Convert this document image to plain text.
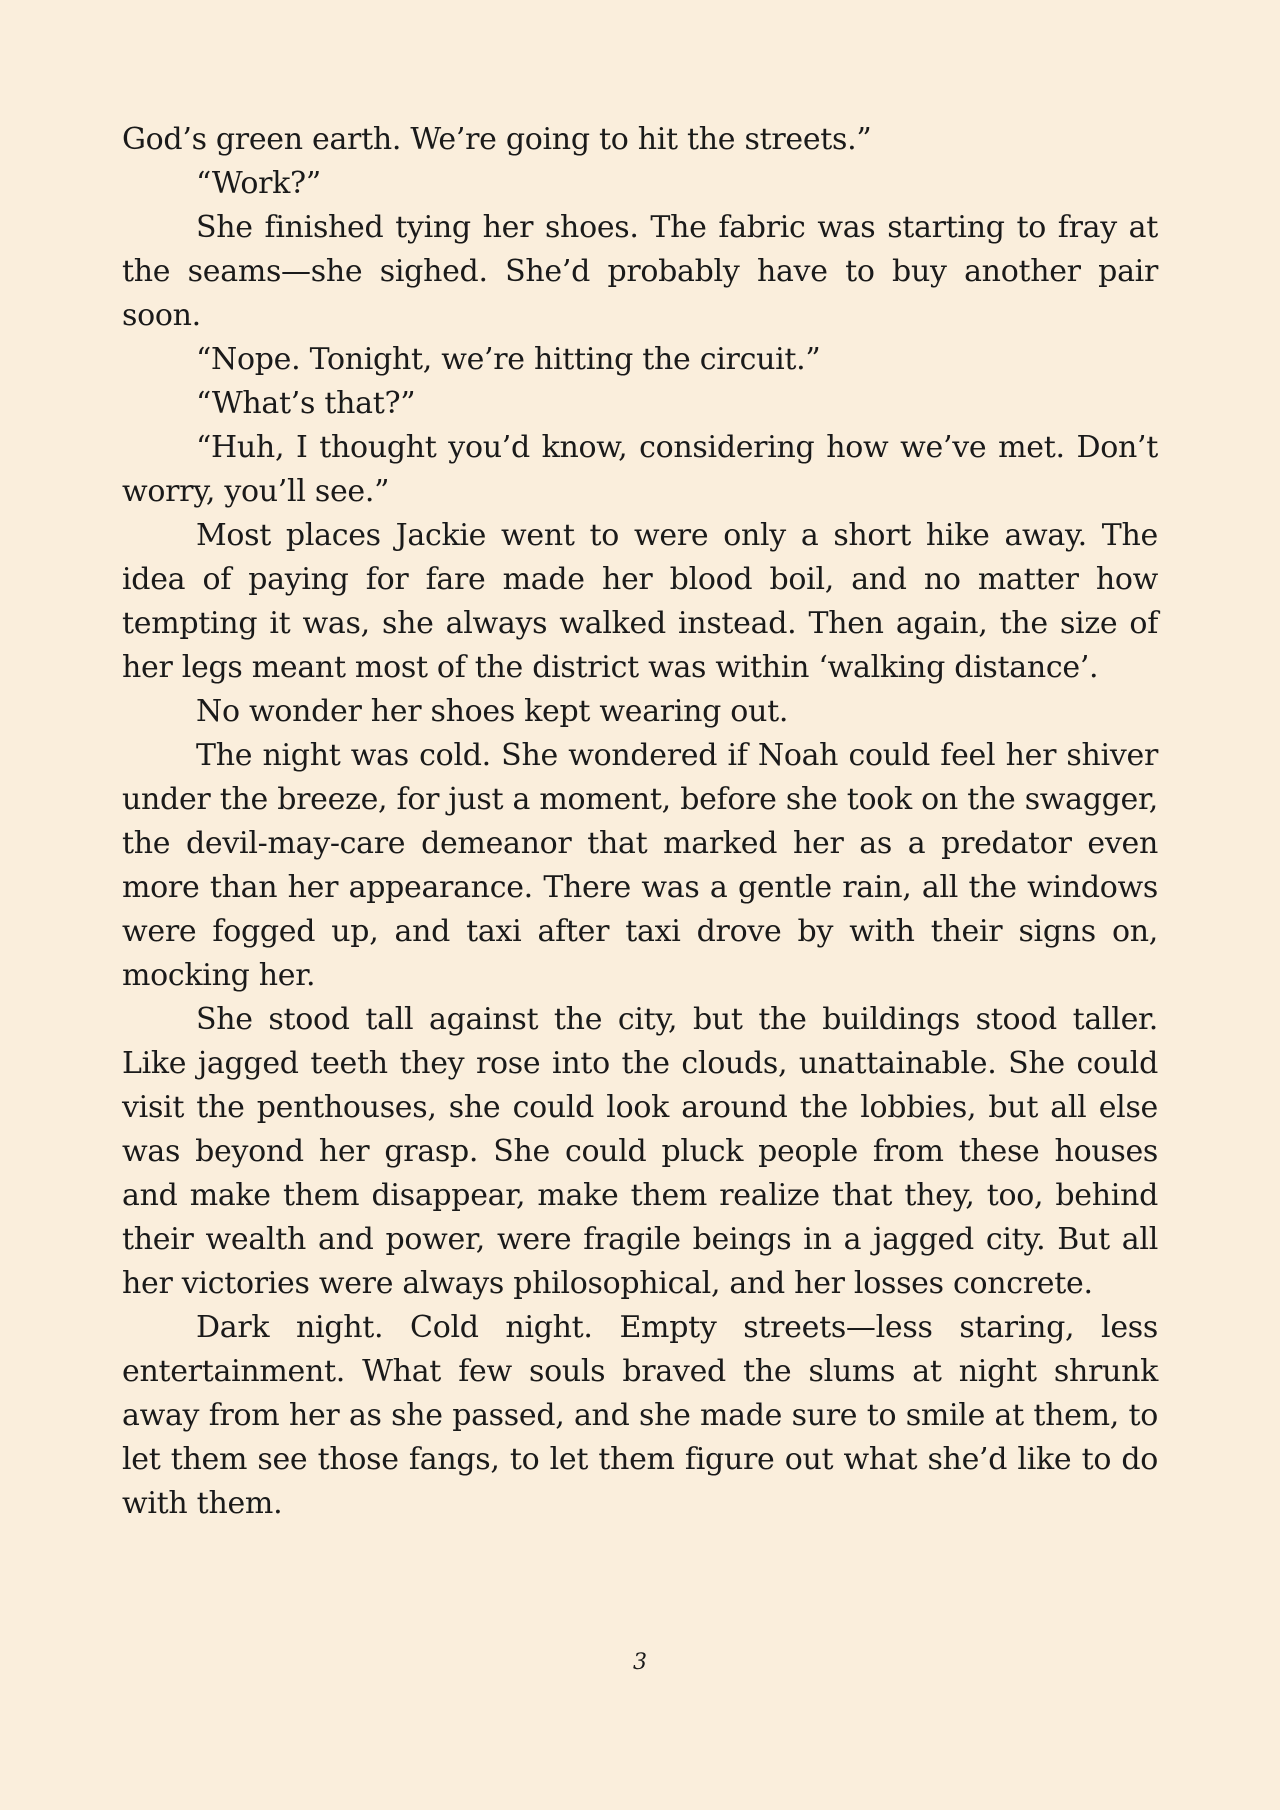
God’s green earth. We’re going to hit the streets.”

“Work?”

She finished tying her shoes. The fabric was starting to fray at the seams—she sighed. She’d probably have to buy another pair soon.

“Nope. Tonight, we’re hitting the circuit.”

“What’s that?”

“Huh, I thought you’d know, considering how we’ve met. Don’t worry, you’ll see.”

Most places Jackie went to were only a short hike away. The idea of paying for fare made her blood boil, and no matter how tempting it was, she always walked instead. Then again, the size of her legs meant most of the district was within ‘walking distance’.

No wonder her shoes kept wearing out.

The night was cold. She wondered if Noah could feel her shiver under the breeze, for just a moment, before she took on the swagger, the devil-may-care demeanor that marked her as a predator even more than her appearance. There was a gentle rain, all the windows were fogged up, and taxi after taxi drove by with their signs on, mocking her.

She stood tall against the city, but the buildings stood taller. Like jagged teeth they rose into the clouds, unattainable. She could visit the penthouses, she could look around the lobbies, but all else was beyond her grasp. She could pluck people from these houses and make them disappear, make them realize that they, too, behind their wealth and power, were fragile beings in a jagged city. But all her victories were always philosophical, and her losses concrete.

Dark night. Cold night. Empty streets—less staring, less entertainment. What few souls braved the slums at night shrunk away from her as she passed, and she made sure to smile at them, to let them see those fangs, to let them figure out what she’d like to do with them.

3
